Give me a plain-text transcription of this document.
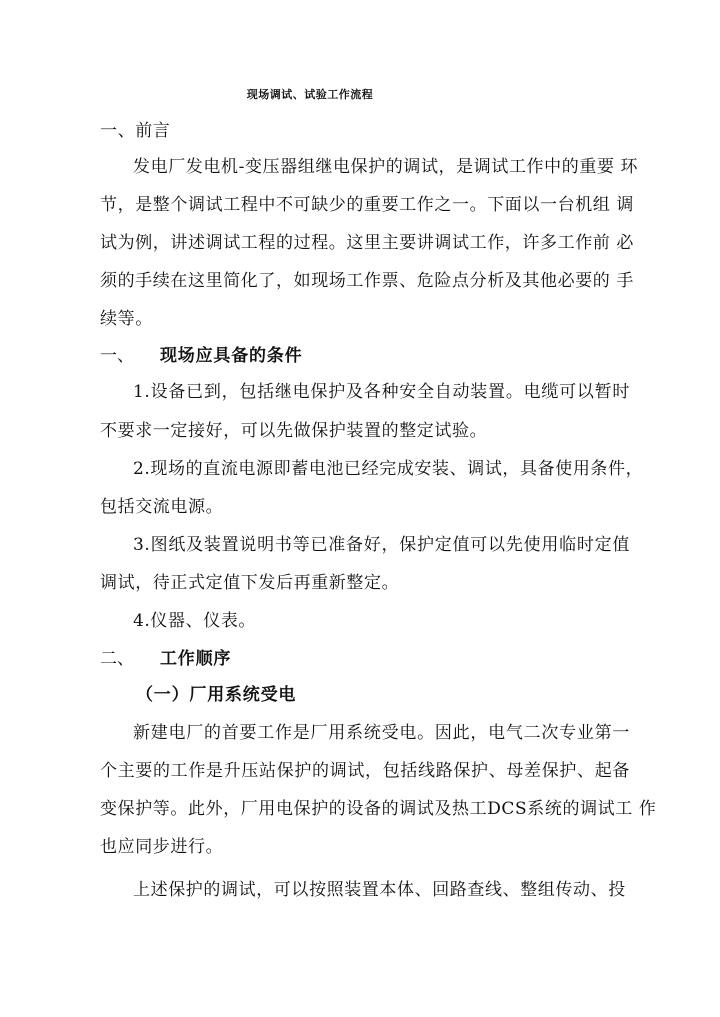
现场调试、试验工作流程
一、前言
发电厂发电机-变压器组继电保护的调试，是调试工作中的重要 环
节，是整个调试工程中不可缺少的重要工作之一。下面以一台机组 调
试为例，讲述调试工程的过程。这里主要讲调试工作，许多工作前 必
须的手续在这里简化了，如现场工作票、危险点分析及其他必要的 手
续等。
一、 现场应具备的条件
1.设备已到，包括继电保护及各种安全自动装置。电缆可以暂时
不要求一定接好，可以先做保护装置的整定试验。
2.现场的直流电源即蓄电池已经完成安装、调试，具备使用条件，
包括交流电源。
3.图纸及装置说明书等已准备好，保护定值可以先使用临时定值
调试，待正式定值下发后再重新整定。
4.仪器、仪表。
二、 工作顺序
（一）厂用系统受电
新建电厂的首要工作是厂用系统受电。因此，电气二次专业第一
个主要的工作是升压站保护的调试，包括线路保护、母差保护、起备
变保护等。此外，厂用电保护的设备的调试及热工DCS系统的调试工 作
也应同步进行。
上述保护的调试，可以按照装置本体、回路查线、整组传动、投
